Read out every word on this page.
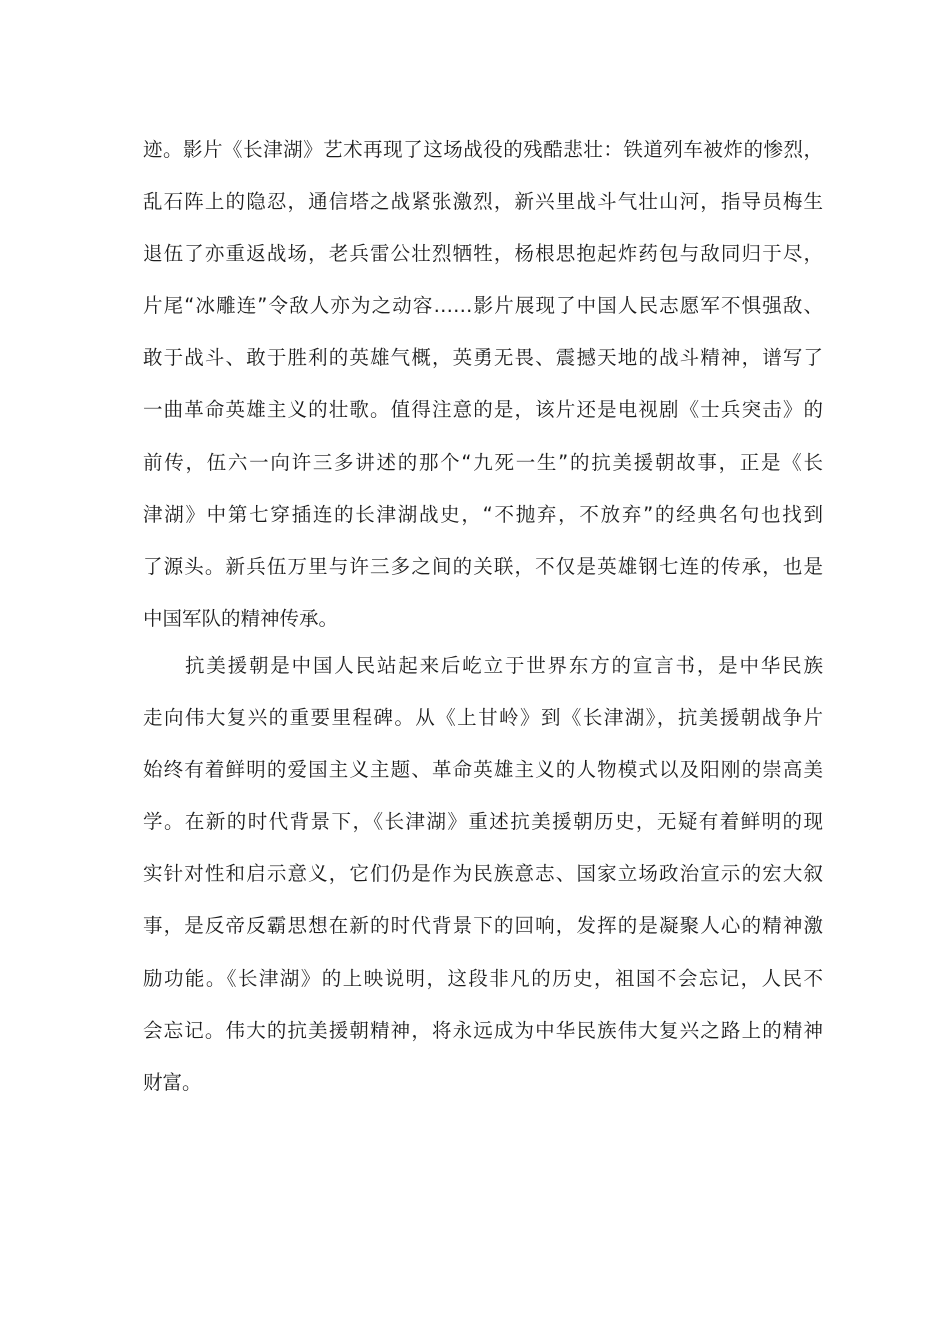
迹。影片《长津湖》艺术再现了这场战役的残酷悲壮：铁道列车被炸的惨烈，
乱石阵上的隐忍，通信塔之战紧张激烈，新兴里战斗气壮山河，指导员梅生
退伍了亦重返战场，老兵雷公壮烈牺牲，杨根思抱起炸药包与敌同归于尽，
片尾“冰雕连”令敌人亦为之动容……影片展现了中国人民志愿军不惧强敌、
敢于战斗、敢于胜利的英雄气概，英勇无畏、震撼天地的战斗精神，谱写了
一曲革命英雄主义的壮歌。值得注意的是，该片还是电视剧《士兵突击》的
前传，伍六一向许三多讲述的那个“九死一生”的抗美援朝故事，正是《长
津湖》中第七穿插连的长津湖战史，“不抛弃，不放弃”的经典名句也找到
了源头。新兵伍万里与许三多之间的关联，不仅是英雄钢七连的传承，也是
中国军队的精神传承。
抗美援朝是中国人民站起来后屹立于世界东方的宣言书，是中华民族
走向伟大复兴的重要里程碑。从《上甘岭》到《长津湖》，抗美援朝战争片
始终有着鲜明的爱国主义主题、革命英雄主义的人物模式以及阳刚的崇高美
学。在新的时代背景下，《长津湖》重述抗美援朝历史，无疑有着鲜明的现
实针对性和启示意义，它们仍是作为民族意志、国家立场政治宣示的宏大叙
事，是反帝反霸思想在新的时代背景下的回响，发挥的是凝聚人心的精神激
励功能。《长津湖》的上映说明，这段非凡的历史，祖国不会忘记，人民不
会忘记。伟大的抗美援朝精神，将永远成为中华民族伟大复兴之路上的精神
财富。
